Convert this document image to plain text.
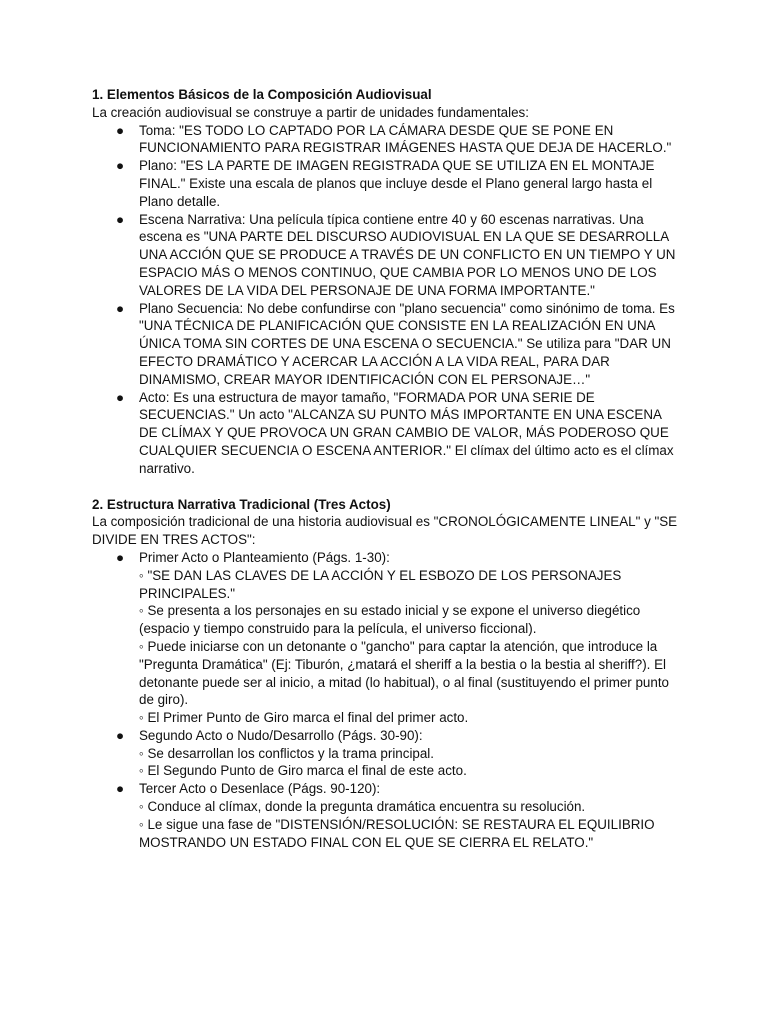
1. Elementos Básicos de la Composición Audiovisual

La creación audiovisual se construye a partir de unidades fundamentales:

● Toma: "ES TODO LO CAPTADO POR LA CÁMARA DESDE QUE SE PONE EN FUNCIONAMIENTO PARA REGISTRAR IMÁGENES HASTA QUE DEJA DE HACERLO."
● Plano: "ES LA PARTE DE IMAGEN REGISTRADA QUE SE UTILIZA EN EL MONTAJE FINAL." Existe una escala de planos que incluye desde el Plano general largo hasta el Plano detalle.
● Escena Narrativa: Una película típica contiene entre 40 y 60 escenas narrativas. Una escena es "UNA PARTE DEL DISCURSO AUDIOVISUAL EN LA QUE SE DESARROLLA UNA ACCIÓN QUE SE PRODUCE A TRAVÉS DE UN CONFLICTO EN UN TIEMPO Y UN ESPACIO MÁS O MENOS CONTINUO, QUE CAMBIA POR LO MENOS UNO DE LOS VALORES DE LA VIDA DEL PERSONAJE DE UNA FORMA IMPORTANTE."
● Plano Secuencia: No debe confundirse con "plano secuencia" como sinónimo de toma. Es "UNA TÉCNICA DE PLANIFICACIÓN QUE CONSISTE EN LA REALIZACIÓN EN UNA ÚNICA TOMA SIN CORTES DE UNA ESCENA O SECUENCIA." Se utiliza para "DAR UN EFECTO DRAMÁTICO Y ACERCAR LA ACCIÓN A LA VIDA REAL, PARA DAR DINAMISMO, CREAR MAYOR IDENTIFICACIÓN CON EL PERSONAJE…"
● Acto: Es una estructura de mayor tamaño, "FORMADA POR UNA SERIE DE SECUENCIAS." Un acto "ALCANZA SU PUNTO MÁS IMPORTANTE EN UNA ESCENA DE CLÍMAX Y QUE PROVOCA UN GRAN CAMBIO DE VALOR, MÁS PODEROSO QUE CUALQUIER SECUENCIA O ESCENA ANTERIOR." El clímax del último acto es el clímax narrativo.

2. Estructura Narrativa Tradicional (Tres Actos)

La composición tradicional de una historia audiovisual es "CRONOLÓGICAMENTE LINEAL" y "SE DIVIDE EN TRES ACTOS":

● Primer Acto o Planteamiento (Págs. 1-30):
◦ "SE DAN LAS CLAVES DE LA ACCIÓN Y EL ESBOZO DE LOS PERSONAJES PRINCIPALES."
◦ Se presenta a los personajes en su estado inicial y se expone el universo diegético (espacio y tiempo construido para la película, el universo ficcional).
◦ Puede iniciarse con un detonante o "gancho" para captar la atención, que introduce la "Pregunta Dramática" (Ej: Tiburón, ¿matará el sheriff a la bestia o la bestia al sheriff?). El detonante puede ser al inicio, a mitad (lo habitual), o al final (sustituyendo el primer punto de giro).
◦ El Primer Punto de Giro marca el final del primer acto.
● Segundo Acto o Nudo/Desarrollo (Págs. 30-90):
◦ Se desarrollan los conflictos y la trama principal.
◦ El Segundo Punto de Giro marca el final de este acto.
● Tercer Acto o Desenlace (Págs. 90-120):
◦ Conduce al clímax, donde la pregunta dramática encuentra su resolución.
◦ Le sigue una fase de "DISTENSIÓN/RESOLUCIÓN: SE RESTAURA EL EQUILIBRIO MOSTRANDO UN ESTADO FINAL CON EL QUE SE CIERRA EL RELATO."
